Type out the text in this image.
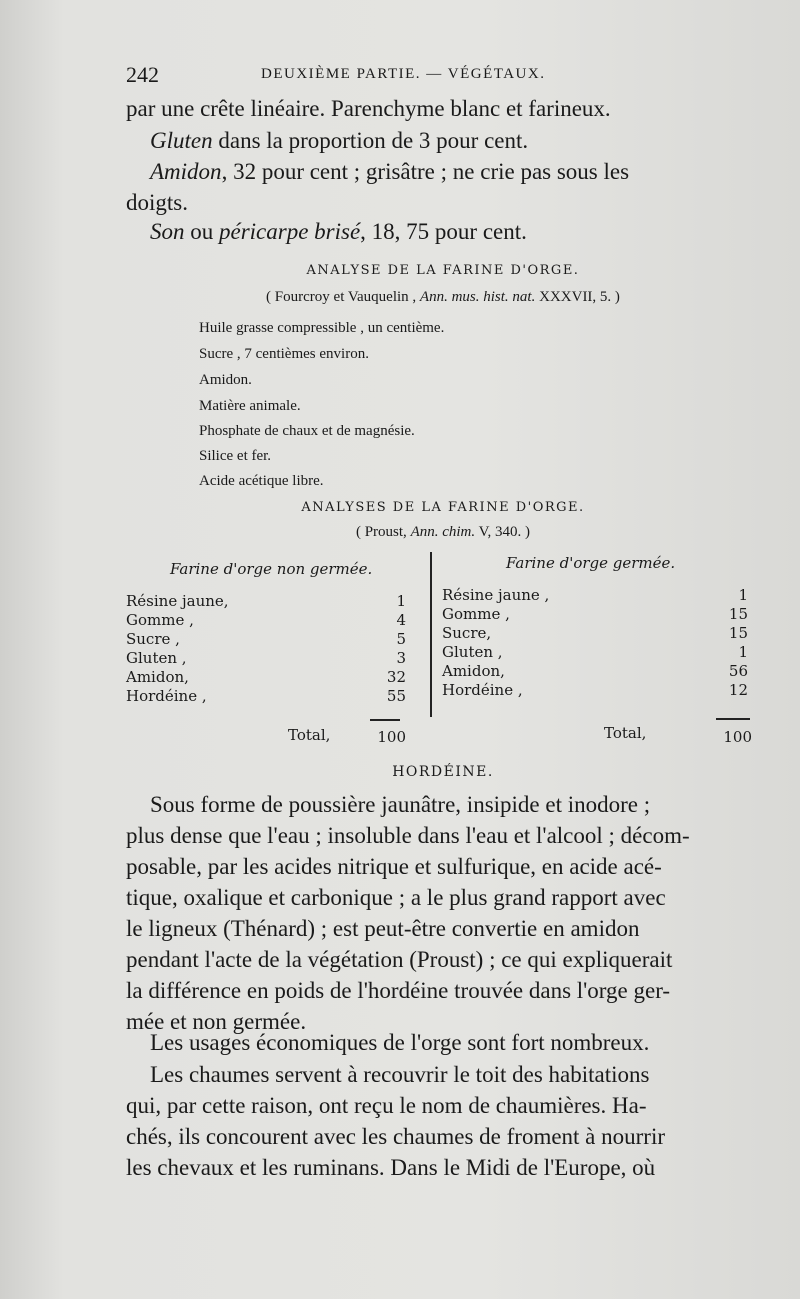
242	DEUXIÈME PARTIE. — VÉGÉTAUX.
par une crête linéaire. Parenchyme blanc et farineux.
Gluten dans la proportion de 3 pour cent.
Amidon, 32 pour cent ; grisâtre ; ne crie pas sous les
doigts.
Son ou péricarpe brisé, 18, 75 pour cent.
ANALYSE DE LA FARINE D'ORGE.
( Fourcroy et Vauquelin , Ann. mus. hist. nat. XXXVII, 5. )
Huile grasse compressible , un centième.
Sucre , 7 centièmes environ.
Amidon.
Matière animale.
Phosphate de chaux et de magnésie.
Silice et fer.
Acide acétique libre.
ANALYSES DE LA FARINE D'ORGE.
( Proust, Ann. chim. V, 340. )
Farine d'orge non germée.	Farine d'orge germée.
Résine jaune,	1
Gomme ,	4
Sucre ,	5
Gluten ,	3
Amidon,	32
Hordéine ,	55
Résine jaune ,	1
Gomme ,	15
Sucre,	15
Gluten ,	1
Amidon,	56
Hordéine ,	12
Total,	100	Total,	100
HORDÉINE.
Sous forme de poussière jaunâtre, insipide et inodore ;
plus dense que l'eau ; insoluble dans l'eau et l'alcool ; décom-
posable, par les acides nitrique et sulfurique, en acide acé-
tique, oxalique et carbonique ; a le plus grand rapport avec
le ligneux (Thénard) ; est peut-être convertie en amidon
pendant l'acte de la végétation (Proust) ; ce qui expliquerait
la différence en poids de l'hordéine trouvée dans l'orge ger-
mée et non germée.
Les usages économiques de l'orge sont fort nombreux.
Les chaumes servent à recouvrir le toit des habitations
qui, par cette raison, ont reçu le nom de chaumières. Ha-
chés, ils concourent avec les chaumes de froment à nourrir
les chevaux et les ruminans. Dans le Midi de l'Europe, où
